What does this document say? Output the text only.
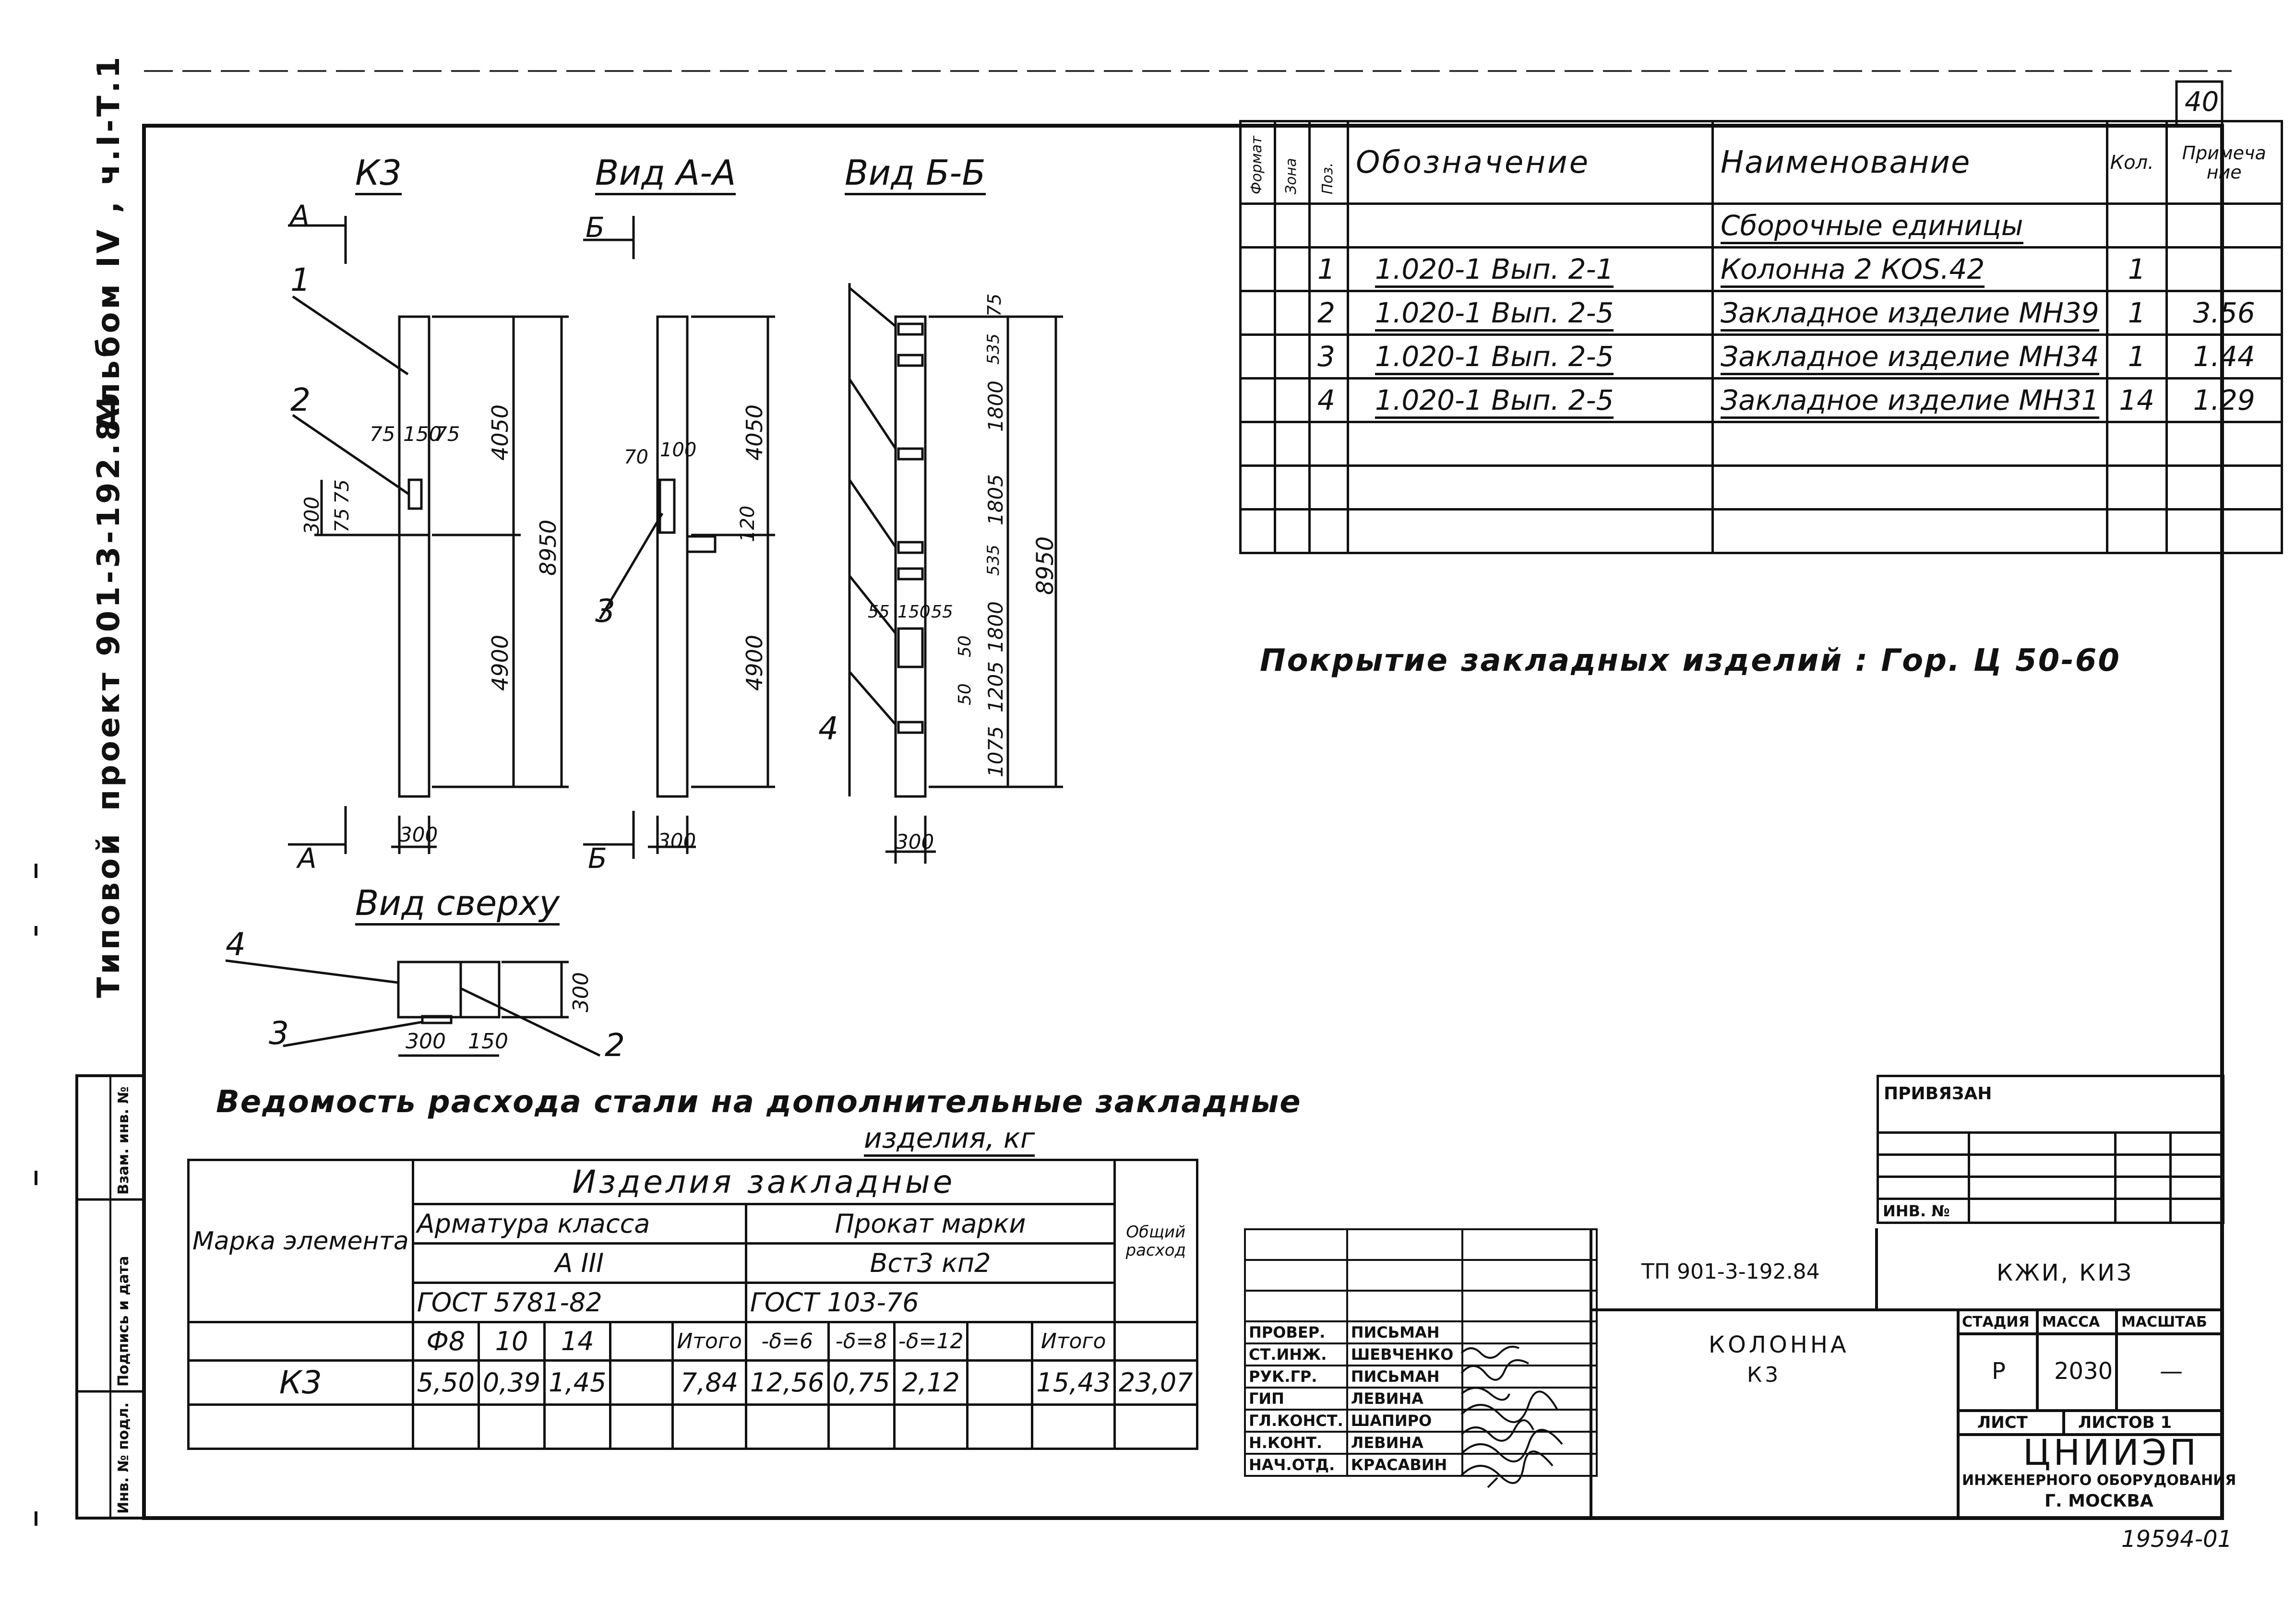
40
Типовой
проект 901-3-192.84
Альбом IV , ч.I-Т.1
Инв. № подл.
Подпись и дата
Взам. инв. №
К3	Вид А-А	Вид Б-Б
Вид сверху
А
А
Б
Б
1
2
3
4
4
3	2
75 150
75
300
75
75
4050
8950
4900
300
70 100
120
4050
4900
300
75
535
1800
1805
535
55 150 55
50
50
1800
1205
1075
8950
300
300
300 150
Формат	Зона	Поз.	Обозначение	Наименование	Кол.	Примеча ние
				Сборочные единицы		
		1	1.020-1 Вып. 2-1	Колонна 2 КОS.42	1	
		2	1.020-1 Вып. 2-5	Закладное изделие МН39	1	3.56
		3	1.020-1 Вып. 2-5	Закладное изделие МН34	1	1.44
		4	1.020-1 Вып. 2-5	Закладное изделие МН31	14	1.29

Покрытие закладных изделий : Гор. Ц 50-60
Ведомость расхода стали на дополнительные закладные
изделия, кг
Марка элемента	Изделия закладные										Общий расход
	Арматура класса					Прокат марки					
	А III					Вст3 кп2					
	ГОСТ 5781-82					ГОСТ 103-76					
	Ф8	10	14		Итого	-δ=6	-δ=8	-δ=12		Итого	
К3	5,50	0,39	1,45		7,84	12,56	0,75	2,12		15,43	23,07

ПРИВЯЗАН			

ИНВ. №			

ПРОВЕР.	ПИСЬМАН	
СТ.ИНЖ.	ШЕВЧЕНКО	
РУК.ГР.	ПИСЬМАН	
ГИП	ЛЕВИНА	
ГЛ.КОНСТ.	ШАПИРО	
Н.КОНТ.	ЛЕВИНА	
НАЧ.ОТД.	КРАСАВИН	
ТП 901-3-192.84	КЖИ, КИЗ
КОЛОННА
К3
СТАДИЯ МАССА МАСШТАБ
Р 2030 —
ЛИСТ	ЛИСТОВ 1
ЦНИИЭП
ИНЖЕНЕРНОГО ОБОРУДОВАНИЯ
Г. МОСКВА
19594-01
